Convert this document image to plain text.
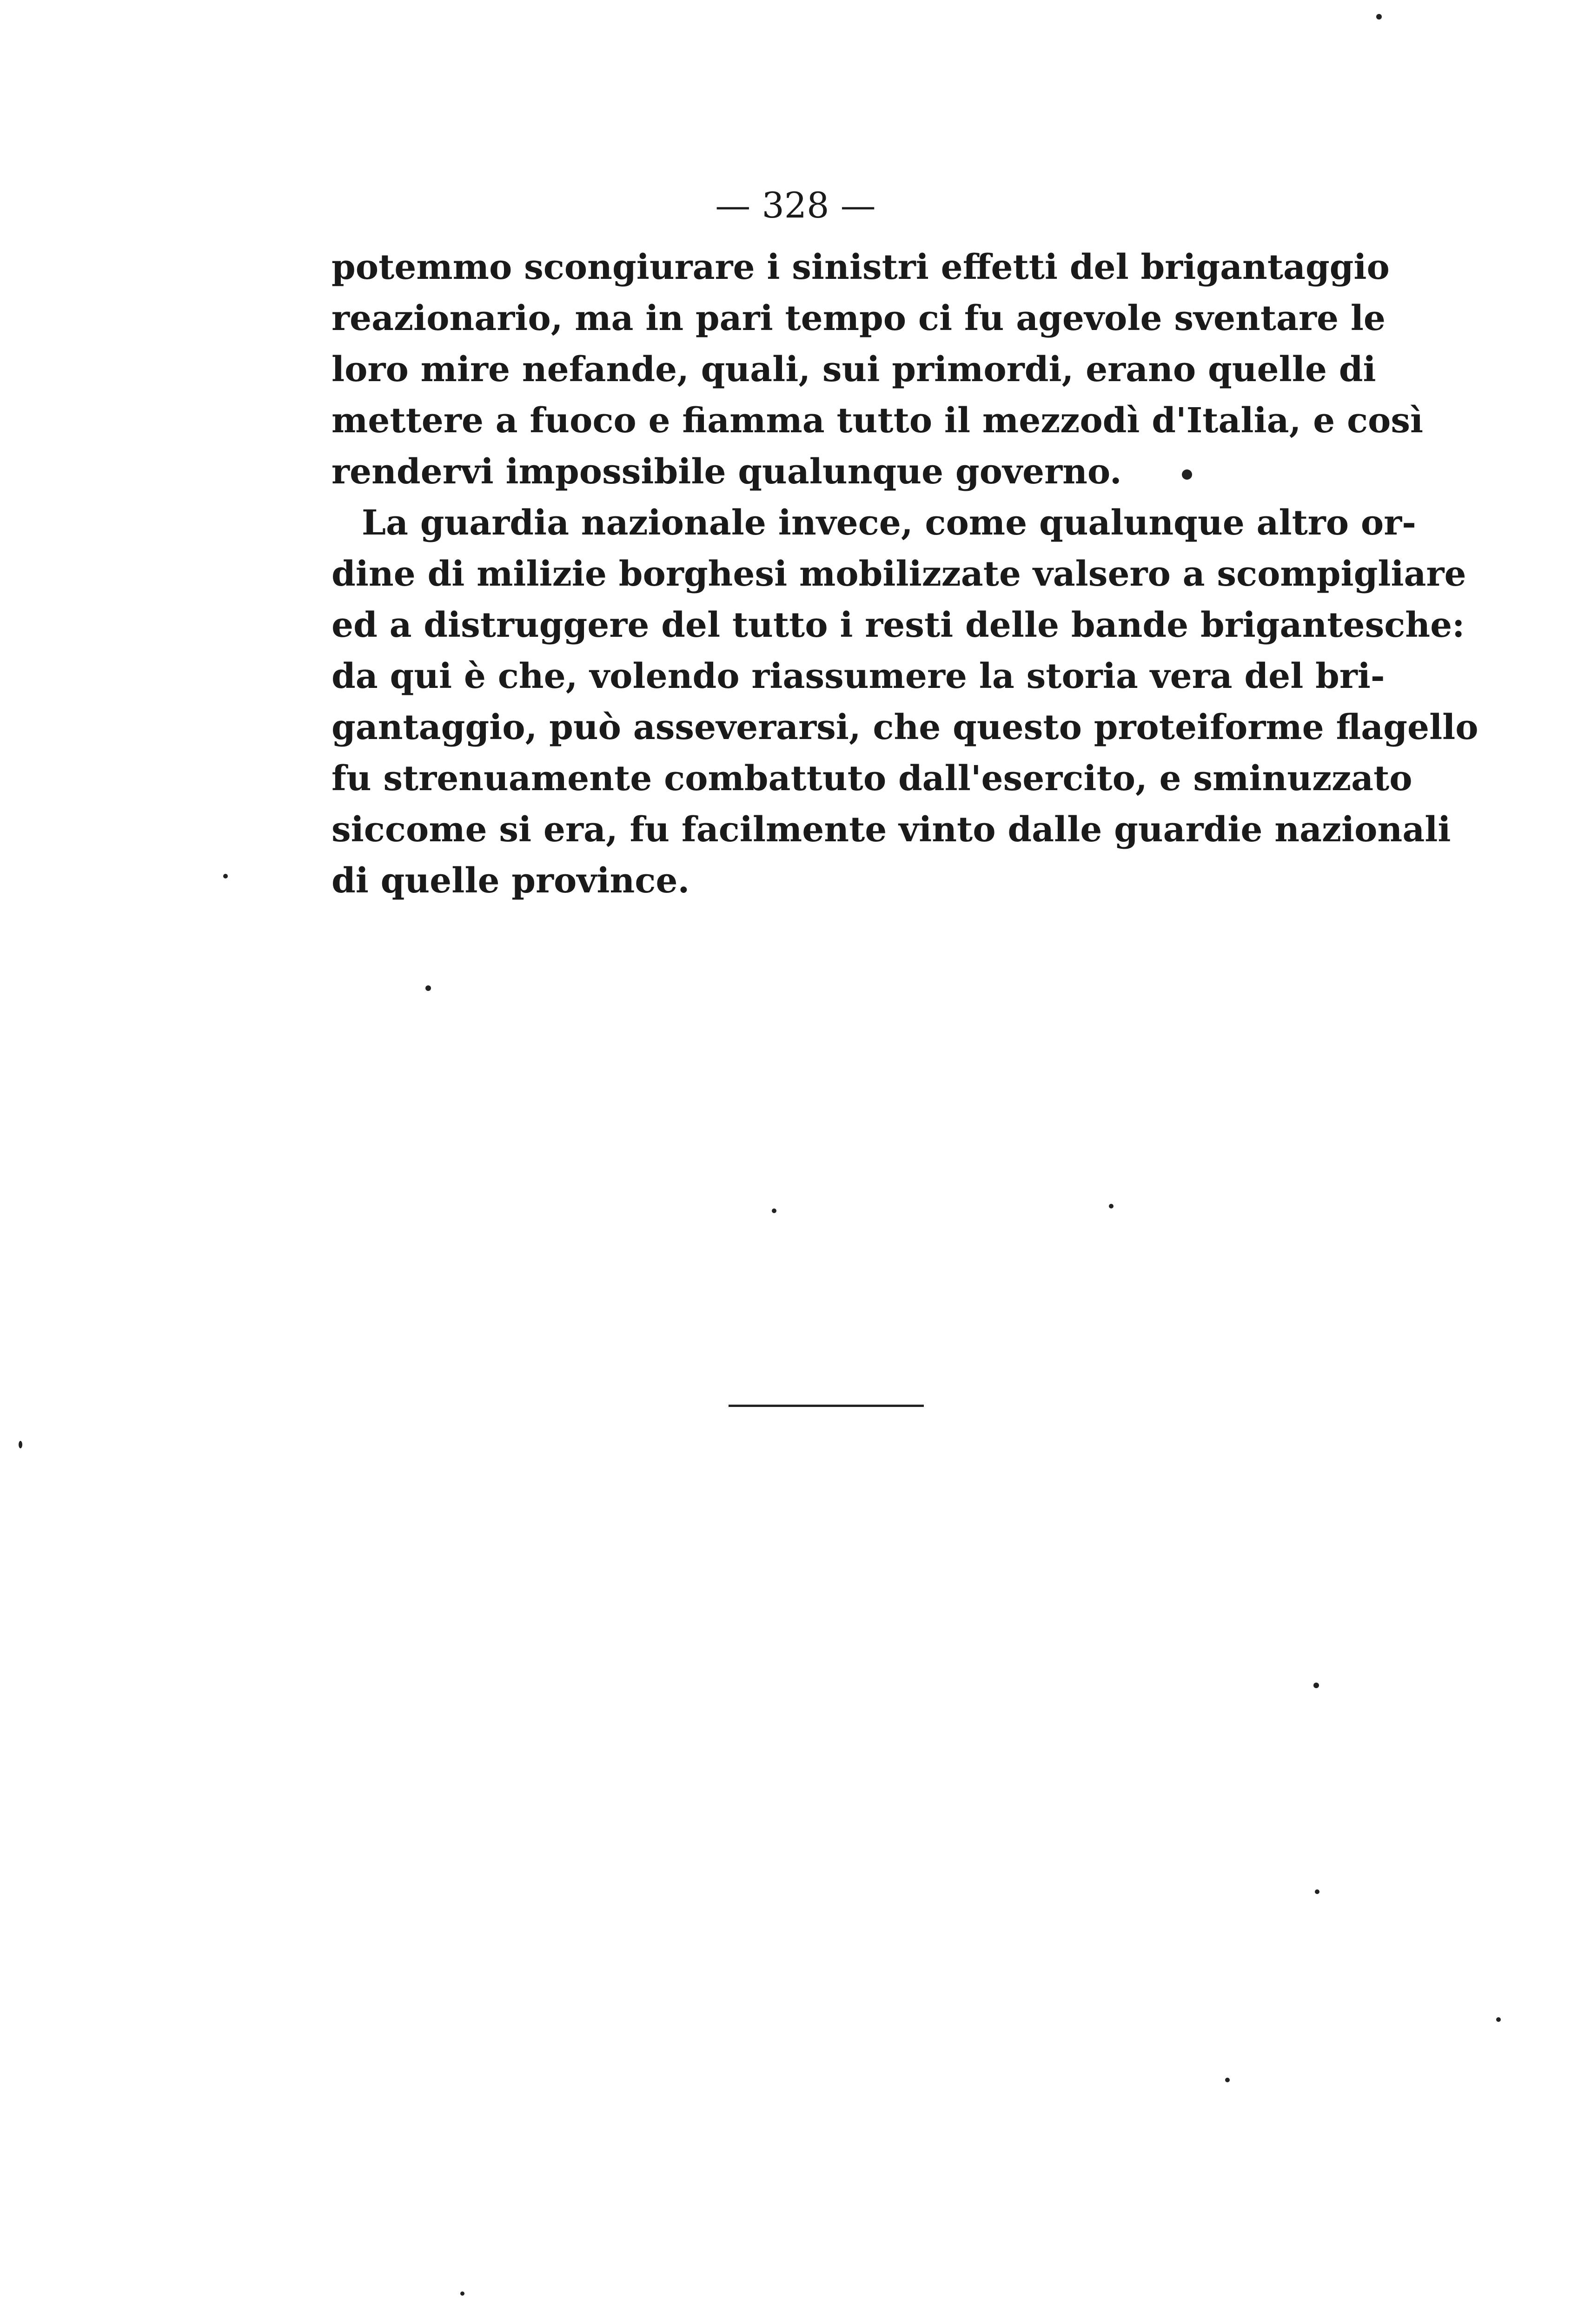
— 328 —
potemmo scongiurare i sinistri effetti del brigantaggio
reazionario, ma in pari tempo ci fu agevole sventare le
loro mire nefande, quali, sui primordi, erano quelle di
mettere a fuoco e fiamma tutto il mezzodì d'Italia, e così
rendervi impossibile qualunque governo.
La guardia nazionale invece, come qualunque altro or-
dine di milizie borghesi mobilizzate valsero a scompigliare
ed a distruggere del tutto i resti delle bande brigantesche:
da qui è che, volendo riassumere la storia vera del bri-
gantaggio, può asseverarsi, che questo proteiforme flagello
fu strenuamente combattuto dall'esercito, e sminuzzato
siccome si era, fu facilmente vinto dalle guardie nazionali
di quelle province.
